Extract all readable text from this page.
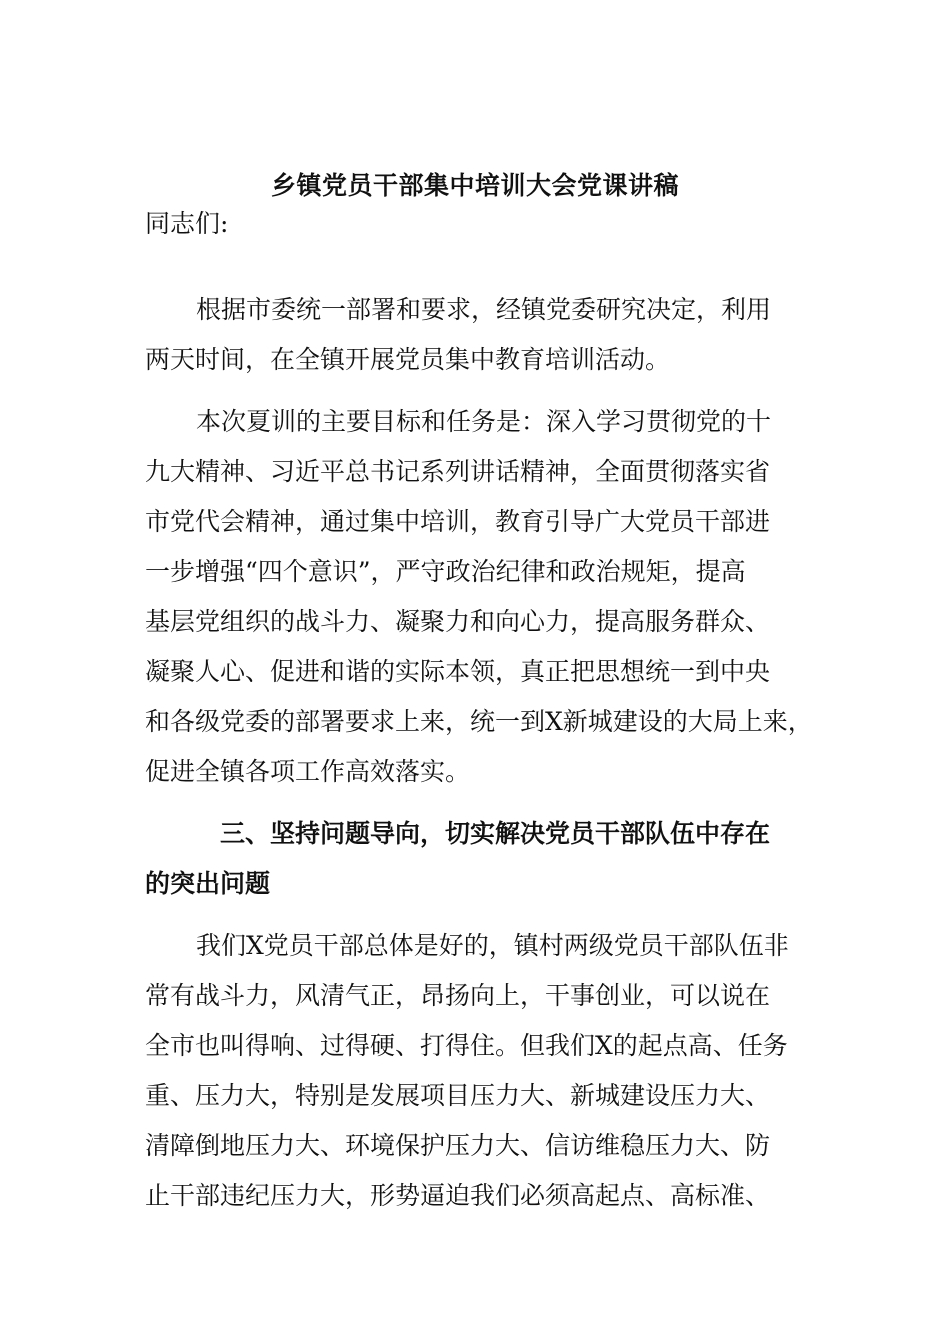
乡镇党员干部集中培训大会党课讲稿
同志们:
根据市委统一部署和要求，经镇党委研究决定，利用
两天时间，在全镇开展党员集中教育培训活动。
本次夏训的主要目标和任务是：深入学习贯彻党的十
九大精神、习近平总书记系列讲话精神，全面贯彻落实省
市党代会精神，通过集中培训，教育引导广大党员干部进
一步增强“四个意识”，严守政治纪律和政治规矩，提高
基层党组织的战斗力、凝聚力和向心力，提高服务群众、
凝聚人心、促进和谐的实际本领，真正把思想统一到中央
和各级党委的部署要求上来，统一到X新城建设的大局上来，
促进全镇各项工作高效落实。
三、坚持问题导向，切实解决党员干部队伍中存在
的突出问题
我们X党员干部总体是好的，镇村两级党员干部队伍非
常有战斗力，风清气正，昂扬向上，干事创业，可以说在
全市也叫得响、过得硬、打得住。但我们X的起点高、任务
重、压力大，特别是发展项目压力大、新城建设压力大、
清障倒地压力大、环境保护压力大、信访维稳压力大、防
止干部违纪压力大，形势逼迫我们必须高起点、高标准、
